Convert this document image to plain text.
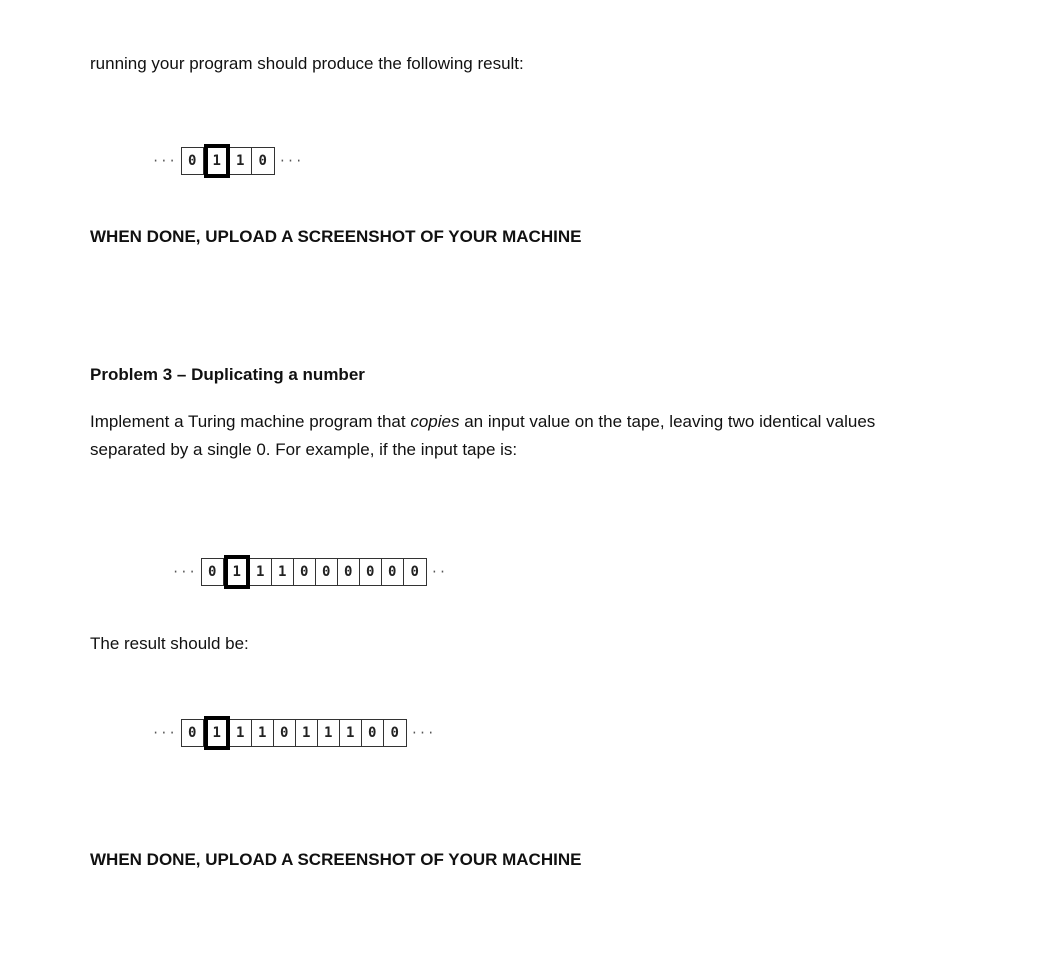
running your program should produce the following result:
··· 0	1	1	0 ···
WHEN DONE, UPLOAD A SCREENSHOT OF YOUR MACHINE
Problem 3 – Duplicating a number
Implement a Turing machine program that copies an input value on the tape, leaving two identical values separated by a single 0. For example, if the input tape is:
··· 0	1	1 1 0 0 0 0 0	0 ··
The result should be:
··· 0	1	1 1 0 1 1 1 0	0 ···
WHEN DONE, UPLOAD A SCREENSHOT OF YOUR MACHINE
